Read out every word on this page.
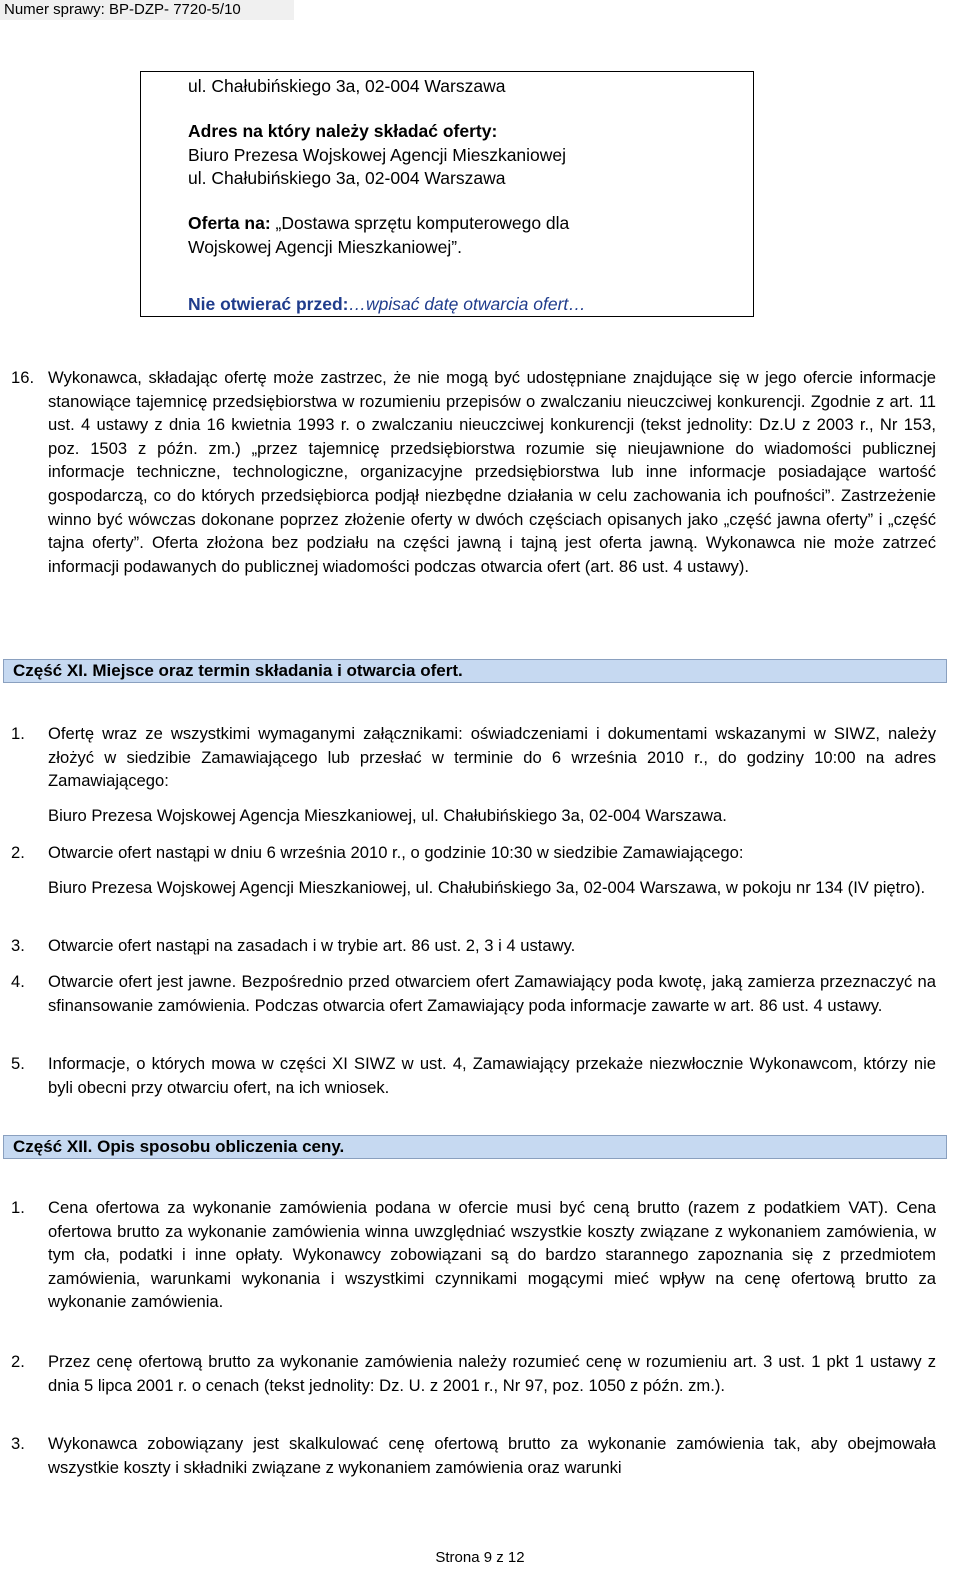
Numer sprawy: BP-DZP- 7720-5/10
ul. Chałubińskiego 3a, 02-004 Warszawa
Adres na który należy składać oferty:
Biuro Prezesa Wojskowej Agencji Mieszkaniowej
ul. Chałubińskiego 3a, 02-004 Warszawa
Oferta na: „Dostawa sprzętu komputerowego dla
Wojskowej Agencji Mieszkaniowej”.
Nie otwierać przed:…wpisać datę otwarcia ofert…
16. Wykonawca, składając ofertę może zastrzec, że nie mogą być udostępniane znajdujące się w jego ofercie informacje stanowiące tajemnicę przedsiębiorstwa w rozumieniu przepisów o zwalczaniu nieuczciwej konkurencji. Zgodnie z art. 11 ust. 4 ustawy z dnia 16 kwietnia 1993 r. o zwalczaniu nieuczciwej konkurencji (tekst jednolity: Dz.U z 2003 r., Nr 153, poz. 1503 z późn. zm.) „przez tajemnicę przedsiębiorstwa rozumie się nieujawnione do wiadomości publicznej informacje techniczne, technologiczne, organizacyjne przedsiębiorstwa lub inne informacje posiadające wartość gospodarczą, co do których przedsiębiorca podjął niezbędne działania w celu zachowania ich poufności”. Zastrzeżenie winno być wówczas dokonane poprzez złożenie oferty w dwóch częściach opisanych jako „część jawna oferty” i „część tajna oferty”. Oferta złożona bez podziału na części jawną i tajną jest oferta jawną. Wykonawca nie może zatrzeć informacji podawanych do publicznej wiadomości podczas otwarcia ofert (art. 86 ust. 4 ustawy).

Część XI. Miejsce oraz termin składania i otwarcia ofert.
1. Ofertę wraz ze wszystkimi wymaganymi załącznikami: oświadczeniami i dokumentami wskazanymi w SIWZ, należy złożyć w siedzibie Zamawiającego lub przesłać w terminie do 6 września 2010 r., do godziny 10:00 na adres Zamawiającego:

Biuro Prezesa Wojskowej Agencja Mieszkaniowej, ul. Chałubińskiego 3a, 02-004 Warszawa.

2. Otwarcie ofert nastąpi w dniu 6 września 2010 r., o godzinie 10:30 w siedzibie Zamawiającego:

Biuro Prezesa Wojskowej Agencji Mieszkaniowej, ul. Chałubińskiego 3a, 02-004 Warszawa, w pokoju nr 134 (IV piętro).

3. Otwarcie ofert nastąpi na zasadach i w trybie art. 86 ust. 2, 3 i 4 ustawy.

4. Otwarcie ofert jest jawne. Bezpośrednio przed otwarciem ofert Zamawiający poda kwotę, jaką zamierza przeznaczyć na sfinansowanie zamówienia. Podczas otwarcia ofert Zamawiający poda informacje zawarte w art. 86 ust. 4 ustawy.

5. Informacje, o których mowa w części XI SIWZ w ust. 4, Zamawiający przekaże niezwłocznie Wykonawcom, którzy nie byli obecni przy otwarciu ofert, na ich wniosek.

Część XII. Opis sposobu obliczenia ceny.
1. Cena ofertowa za wykonanie zamówienia podana w ofercie musi być ceną brutto (razem z podatkiem VAT). Cena ofertowa brutto za wykonanie zamówienia winna uwzględniać wszystkie koszty związane z wykonaniem zamówienia, w tym cła, podatki i inne opłaty. Wykonawcy zobowiązani są do bardzo starannego zapoznania się z przedmiotem zamówienia, warunkami wykonania i wszystkimi czynnikami mogącymi mieć wpływ na cenę ofertową brutto za wykonanie zamówienia.

2. Przez cenę ofertową brutto za wykonanie zamówienia należy rozumieć cenę w rozumieniu art. 3 ust. 1 pkt 1 ustawy z dnia 5 lipca 2001 r. o cenach (tekst jednolity: Dz. U. z 2001 r., Nr 97, poz. 1050 z późn. zm.).

3. Wykonawca zobowiązany jest skalkulować cenę ofertową brutto za wykonanie zamówienia tak, aby obejmowała wszystkie koszty i składniki związane z wykonaniem zamówienia oraz warunki

Strona 9 z 12
